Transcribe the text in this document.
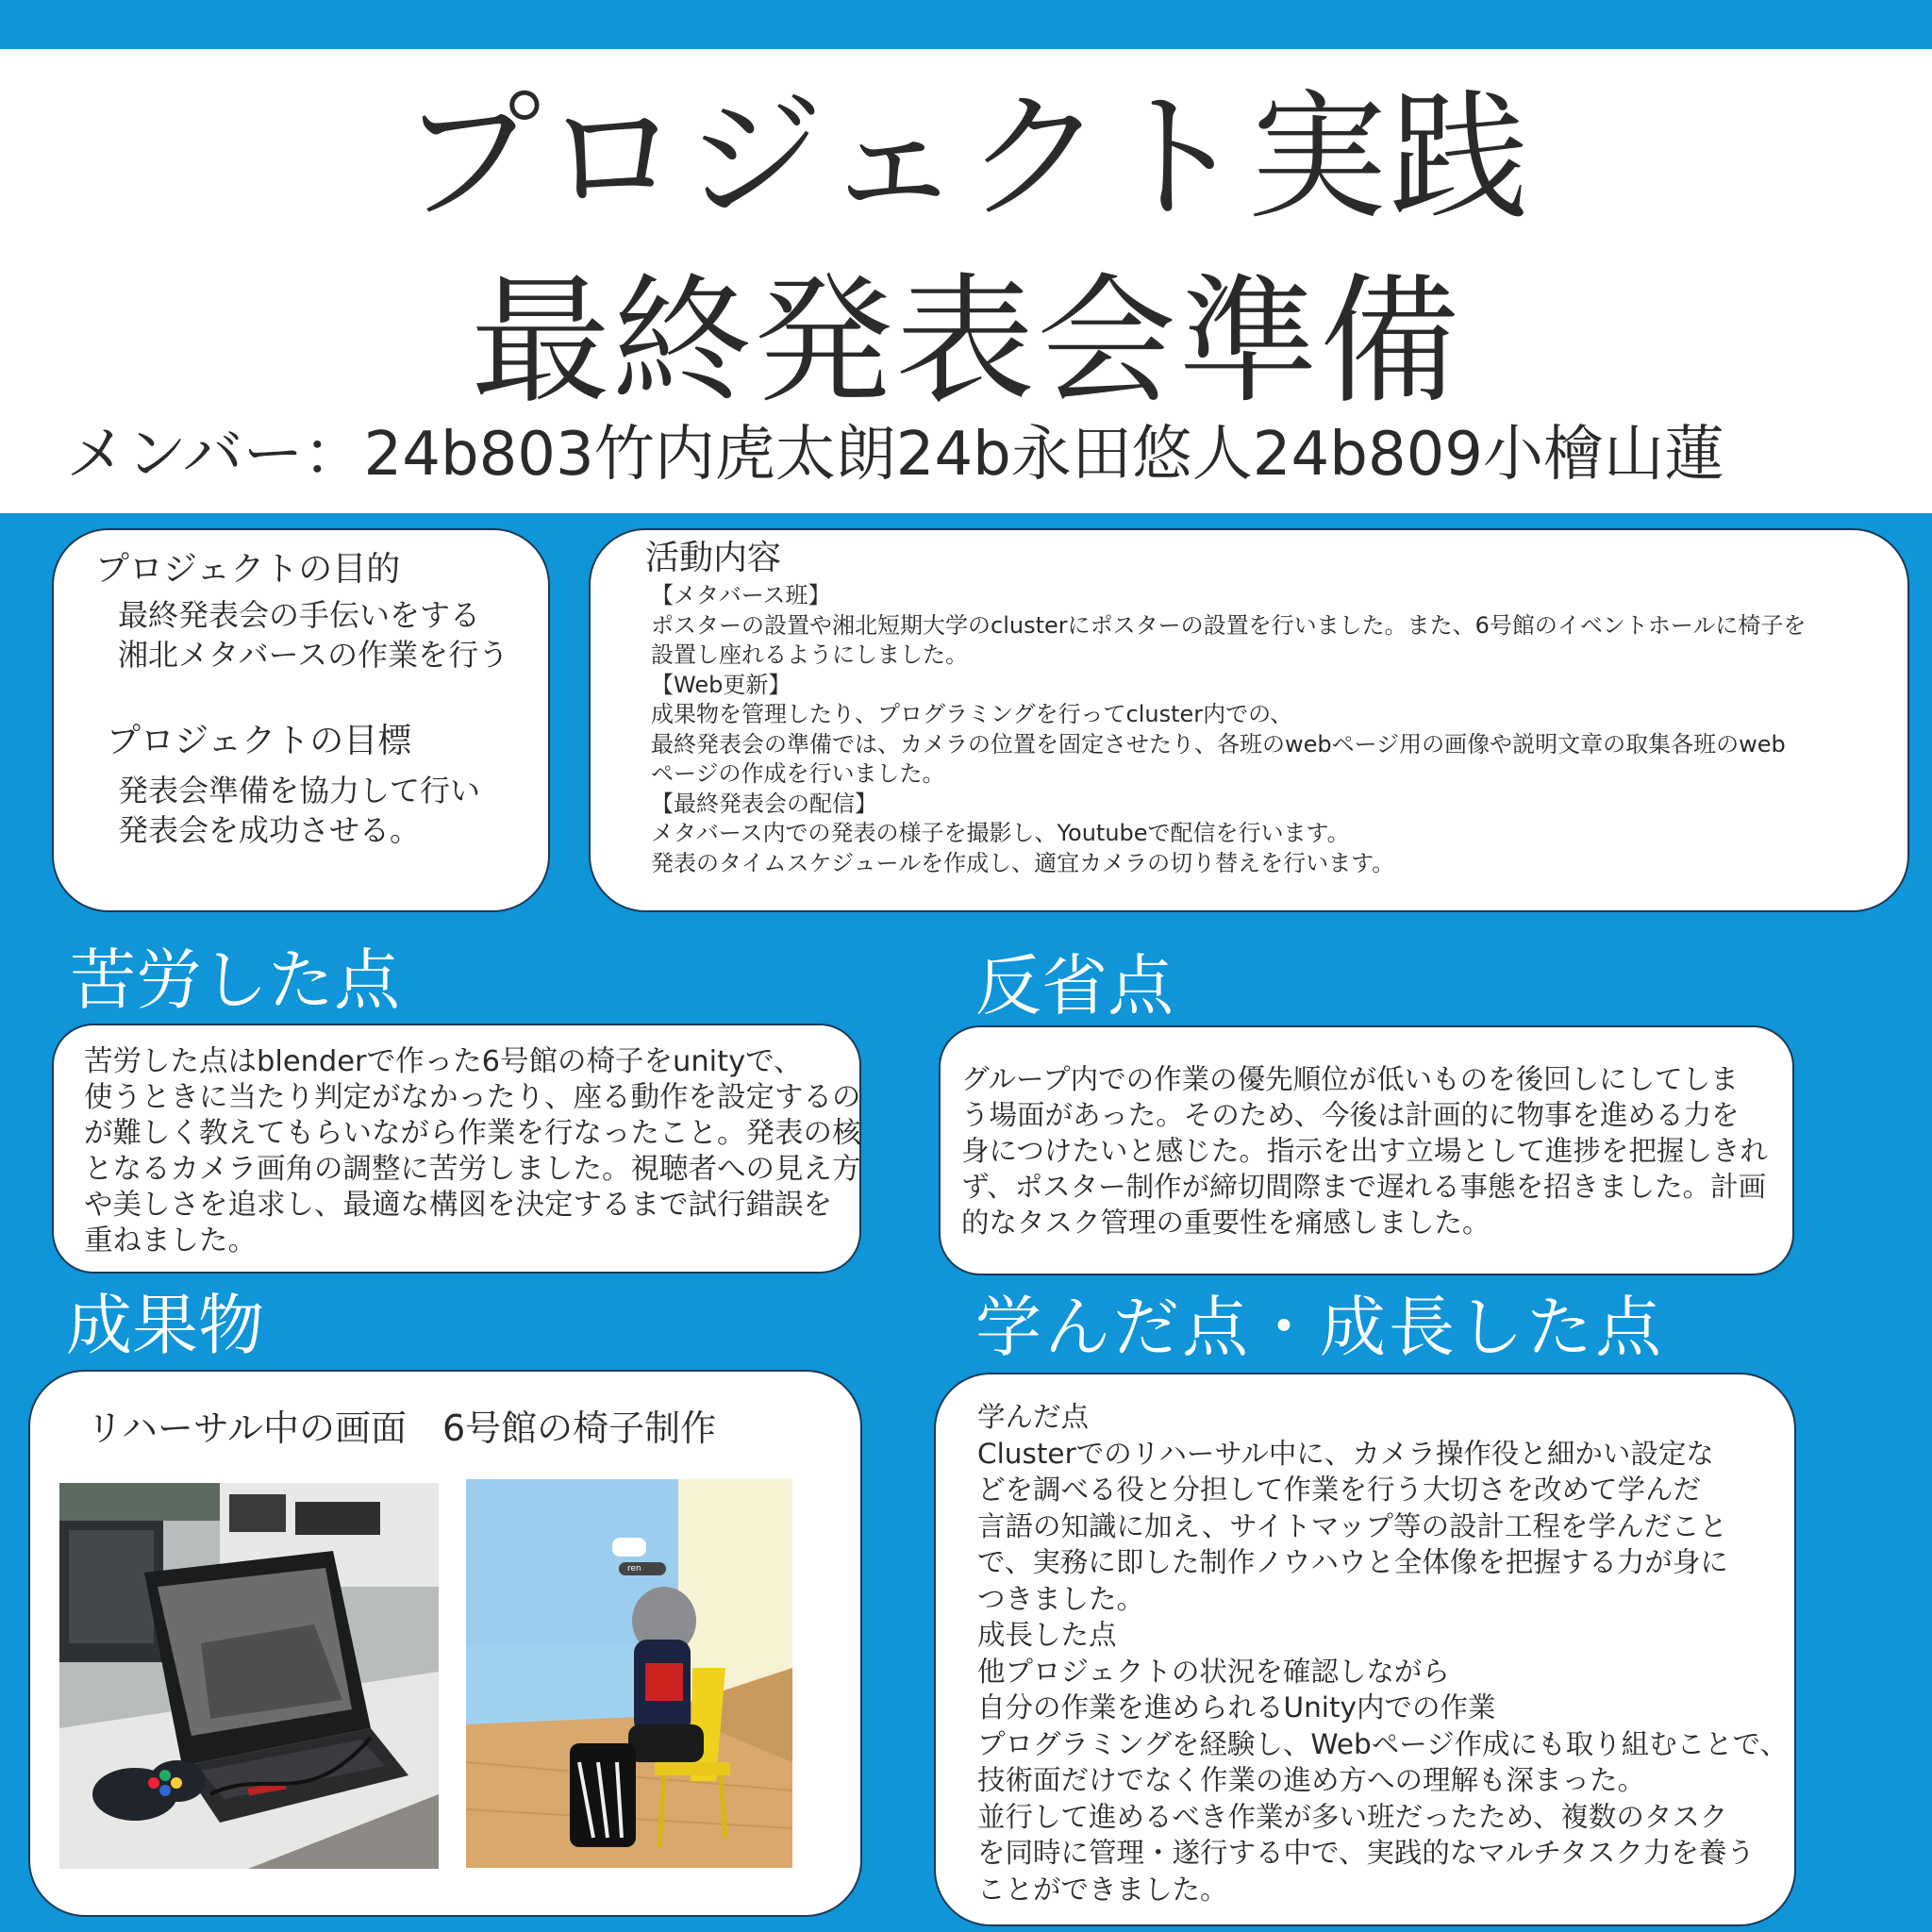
プロジェクト実践
最終発表会準備
メンバー：24b803竹内虎太朗24b永田悠人24b809小檜山蓮
プロジェクトの目的
最終発表会の手伝いをする
湘北メタバースの作業を行う
プロジェクトの目標
発表会準備を協力して行い
発表会を成功させる。
活動内容
【メタバース班】
ポスターの設置や湘北短期大学のclusterにポスターの設置を行いました。また、6号館のイベントホールに椅子を
設置し座れるようにしました。
【Web更新】
成果物を管理したり、プログラミングを行ってcluster内での、
最終発表会の準備では、カメラの位置を固定させたり、各班のwebページ用の画像や説明文章の取集各班のweb
ページの作成を行いました。
【最終発表会の配信】
メタバース内での発表の様子を撮影し、Youtubeで配信を行います。
発表のタイムスケジュールを作成し、適宜カメラの切り替えを行います。
苦労した点
苦労した点はblenderで作った6号館の椅子をunityで、
使うときに当たり判定がなかったり、座る動作を設定するの
が難しく教えてもらいながら作業を行なったこと。発表の核
となるカメラ画角の調整に苦労しました。視聴者への見え方
や美しさを追求し、最適な構図を決定するまで試行錯誤を
重ねました。
反省点
グループ内での作業の優先順位が低いものを後回しにしてしま
う場面があった。そのため、今後は計画的に物事を進める力を
身につけたいと感じた。指示を出す立場として進捗を把握しきれ
ず、ポスター制作が締切間際まで遅れる事態を招きました。計画
的なタスク管理の重要性を痛感しました。
成果物
リハーサル中の画面　6号館の椅子制作
ren
学んだ点・成長した点
学んだ点
Clusterでのリハーサル中に、カメラ操作役と細かい設定な
どを調べる役と分担して作業を行う大切さを改めて学んだ
言語の知識に加え、サイトマップ等の設計工程を学んだこと
で、実務に即した制作ノウハウと全体像を把握する力が身に
つきました。
成長した点
他プロジェクトの状況を確認しながら
自分の作業を進められるUnity内での作業
プログラミングを経験し、Webページ作成にも取り組むことで、
技術面だけでなく作業の進め方への理解も深まった。
並行して進めるべき作業が多い班だったため、複数のタスク
を同時に管理・遂行する中で、実践的なマルチタスク力を養う
ことができました。
